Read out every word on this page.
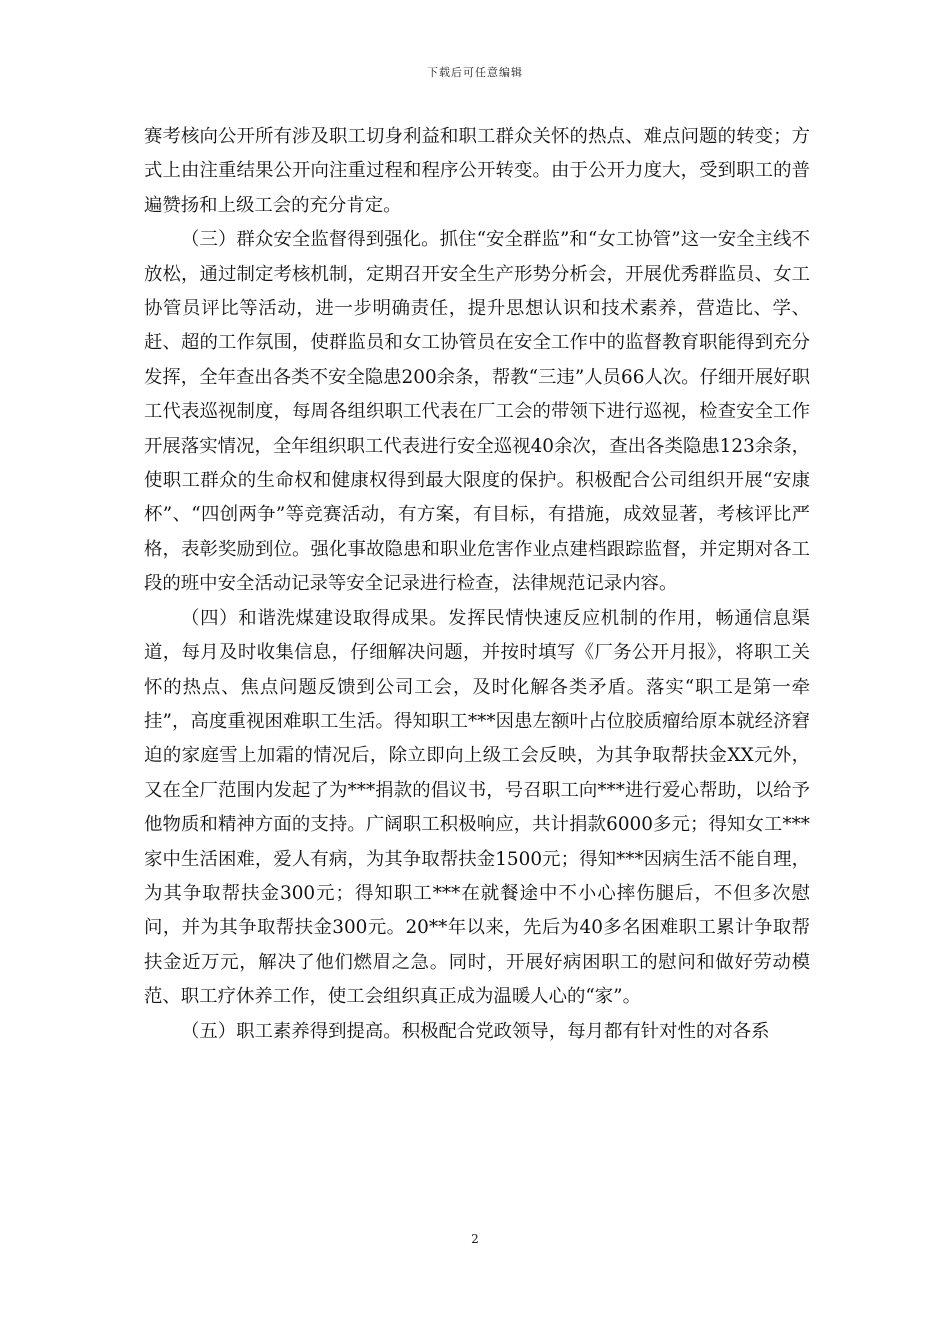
下载后可任意编辑

赛考核向公开所有涉及职工切身利益和职工群众关怀的热点、难点问题的转变；方式上由注重结果公开向注重过程和程序公开转变。由于公开力度大，受到职工的普遍赞扬和上级工会的充分肯定。

（三）群众安全监督得到强化。抓住“安全群监”和“女工协管”这一安全主线不放松，通过制定考核机制，定期召开安全生产形势分析会，开展优秀群监员、女工协管员评比等活动，进一步明确责任，提升思想认识和技术素养，营造比、学、赶、超的工作氛围，使群监员和女工协管员在安全工作中的监督教育职能得到充分发挥，全年查出各类不安全隐患200余条，帮教“三违”人员66人次。仔细开展好职工代表巡视制度，每周各组织职工代表在厂工会的带领下进行巡视，检查安全工作开展落实情况，全年组织职工代表进行安全巡视40余次，查出各类隐患123余条，使职工群众的生命权和健康权得到最大限度的保护。积极配合公司组织开展“安康杯”、“四创两争”等竞赛活动，有方案，有目标，有措施，成效显著，考核评比严格，表彰奖励到位。强化事故隐患和职业危害作业点建档跟踪监督，并定期对各工段的班中安全活动记录等安全记录进行检查，法律规范记录内容。

（四）和谐洗煤建设取得成果。发挥民情快速反应机制的作用，畅通信息渠道，每月及时收集信息，仔细解决问题，并按时填写《厂务公开月报》，将职工关怀的热点、焦点问题反馈到公司工会，及时化解各类矛盾。落实“职工是第一牵挂”，高度重视困难职工生活。得知职工***因患左额叶占位胶质瘤给原本就经济窘迫的家庭雪上加霜的情况后，除立即向上级工会反映，为其争取帮扶金XX元外，又在全厂范围内发起了为***捐款的倡议书，号召职工向***进行爱心帮助，以给予他物质和精神方面的支持。广阔职工积极响应，共计捐款6000多元；得知女工***家中生活困难，爱人有病，为其争取帮扶金1500元；得知***因病生活不能自理，为其争取帮扶金300元；得知职工***在就餐途中不小心摔伤腿后，不但多次慰问，并为其争取帮扶金300元。20**年以来，先后为40多名困难职工累计争取帮扶金近万元，解决了他们燃眉之急。同时，开展好病困职工的慰问和做好劳动模范、职工疗休养工作，使工会组织真正成为温暖人心的“家”。

（五）职工素养得到提高。积极配合党政领导，每月都有针对性的对各系

2
